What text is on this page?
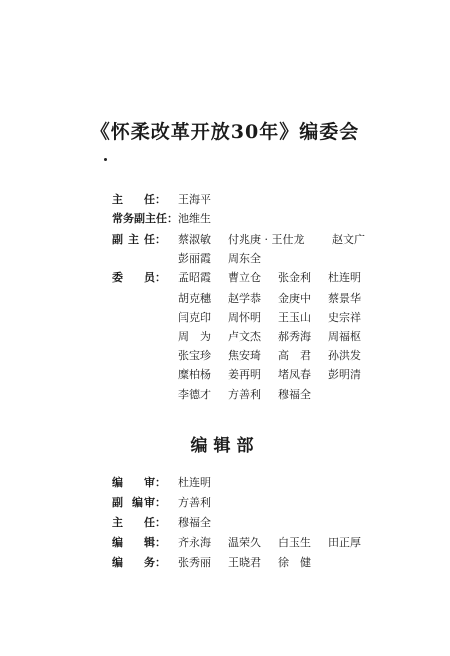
《怀柔改革开放30年》编委会
主 任： 王海平
常务副主任： 池维生
副 主 任： 蔡淑敏 付兆庚 · 王仕龙	赵文广
彭丽霞 周东全
委 员： 孟昭霞 曹立仓 张金利 杜连明
胡克穗 赵学恭 金庚中 蔡景华
闫克印 周怀明 王玉山 史宗祥
周　为 卢文杰 郝秀海 周福枢
张宝珍 焦安琦 高　君 孙洪发
糜柏杨 姜再明 堵凤春 彭明清
李德才 方善利 穆福全
编辑部
编 审： 杜连明
副 编 审： 方善利
主 任： 穆福全
编 辑： 齐永海 温荣久 白玉生 田正厚
编 务： 张秀丽 王晓君 徐　健
